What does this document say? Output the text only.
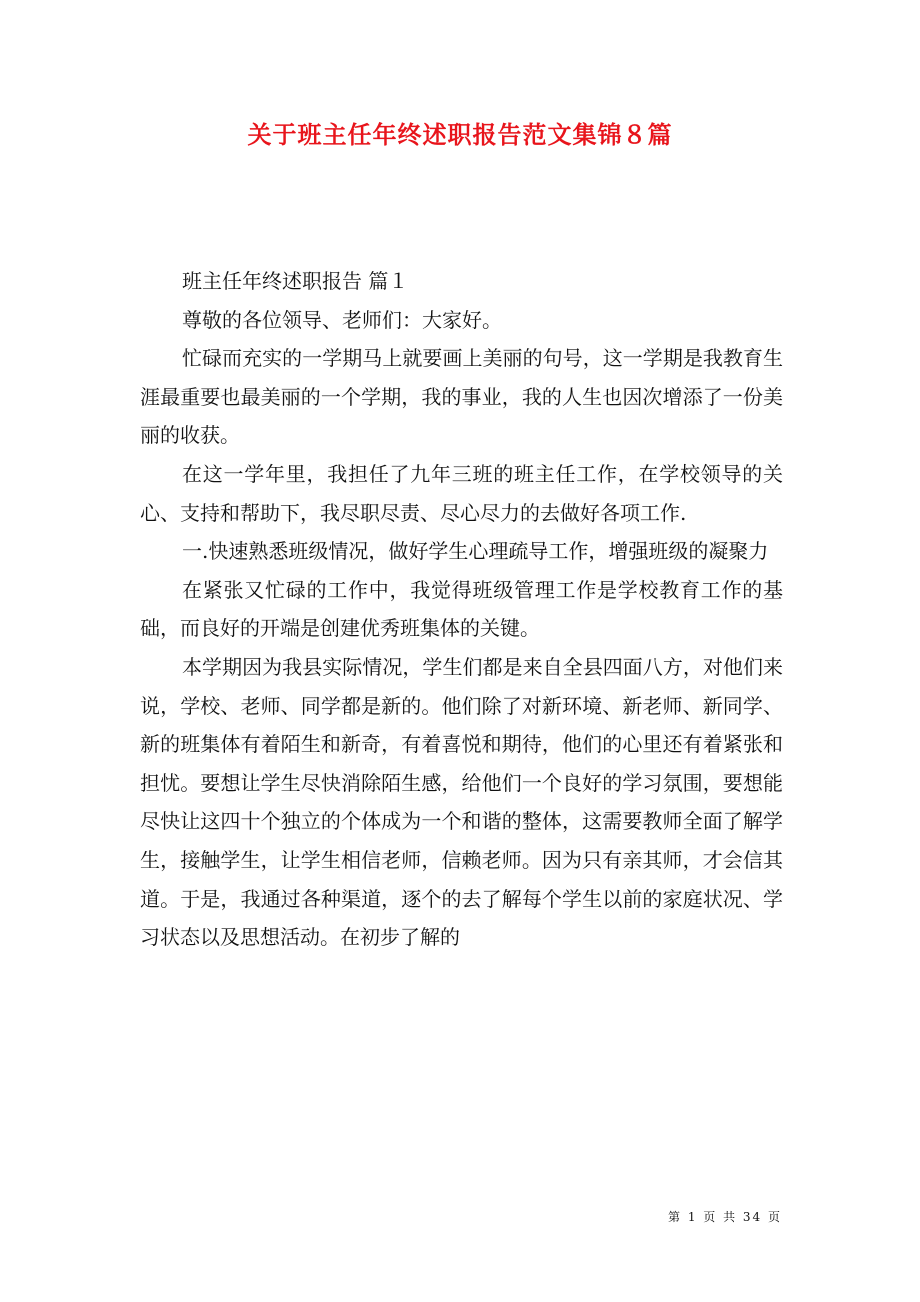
关于班主任年终述职报告范文集锦８篇

班主任年终述职报告 篇１

尊敬的各位领导、老师们：大家好。

忙碌而充实的一学期马上就要画上美丽的句号，这一学期是我教育生涯最重要也最美丽的一个学期，我的事业，我的人生也因次增添了一份美丽的收获。

在这一学年里，我担任了九年三班的班主任工作，在学校领导的关心、支持和帮助下，我尽职尽责、尽心尽力的去做好各项工作.

一.快速熟悉班级情况，做好学生心理疏导工作，增强班级的凝聚力

在紧张又忙碌的工作中，我觉得班级管理工作是学校教育工作的基础，而良好的开端是创建优秀班集体的关键。

本学期因为我县实际情况，学生们都是来自全县四面八方，对他们来说，学校、老师、同学都是新的。他们除了对新环境、新老师、新同学、新的班集体有着陌生和新奇，有着喜悦和期待，他们的心里还有着紧张和担忧。要想让学生尽快消除陌生感，给他们一个良好的学习氛围，要想能尽快让这四十个独立的个体成为一个和谐的整体，这需要教师全面了解学生，接触学生，让学生相信老师，信赖老师。因为只有亲其师，才会信其道。于是，我通过各种渠道，逐个的去了解每个学生以前的家庭状况、学习状态以及思想活动。在初步了解的

第 1 页 共 34 页
